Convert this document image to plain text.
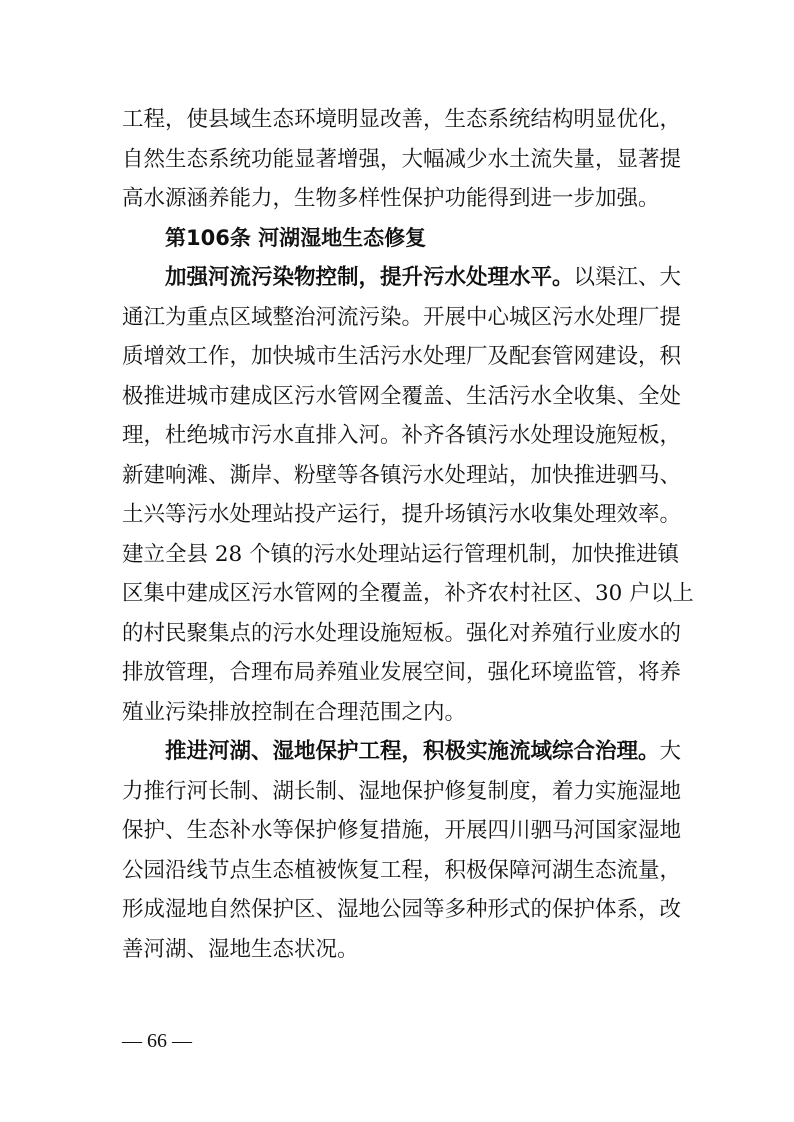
工程，使县域生态环境明显改善，生态系统结构明显优化，
自然生态系统功能显著增强，大幅减少水土流失量，显著提
高水源涵养能力，生物多样性保护功能得到进一步加强。
第106条 河湖湿地生态修复
加强河流污染物控制，提升污水处理水平。以渠江、大
通江为重点区域整治河流污染。开展中心城区污水处理厂提
质增效工作，加快城市生活污水处理厂及配套管网建设，积
极推进城市建成区污水管网全覆盖、生活污水全收集、全处
理，杜绝城市污水直排入河。补齐各镇污水处理设施短板，
新建响滩、澌岸、粉壁等各镇污水处理站，加快推进驷马、
土兴等污水处理站投产运行，提升场镇污水收集处理效率。
建立全县 28 个镇的污水处理站运行管理机制，加快推进镇
区集中建成区污水管网的全覆盖，补齐农村社区、30 户以上
的村民聚集点的污水处理设施短板。强化对养殖行业废水的
排放管理，合理布局养殖业发展空间，强化环境监管，将养
殖业污染排放控制在合理范围之内。
推进河湖、湿地保护工程，积极实施流域综合治理。大
力推行河长制、湖长制、湿地保护修复制度，着力实施湿地
保护、生态补水等保护修复措施，开展四川驷马河国家湿地
公园沿线节点生态植被恢复工程，积极保障河湖生态流量，
形成湿地自然保护区、湿地公园等多种形式的保护体系，改
善河湖、湿地生态状况。
— 66 —
